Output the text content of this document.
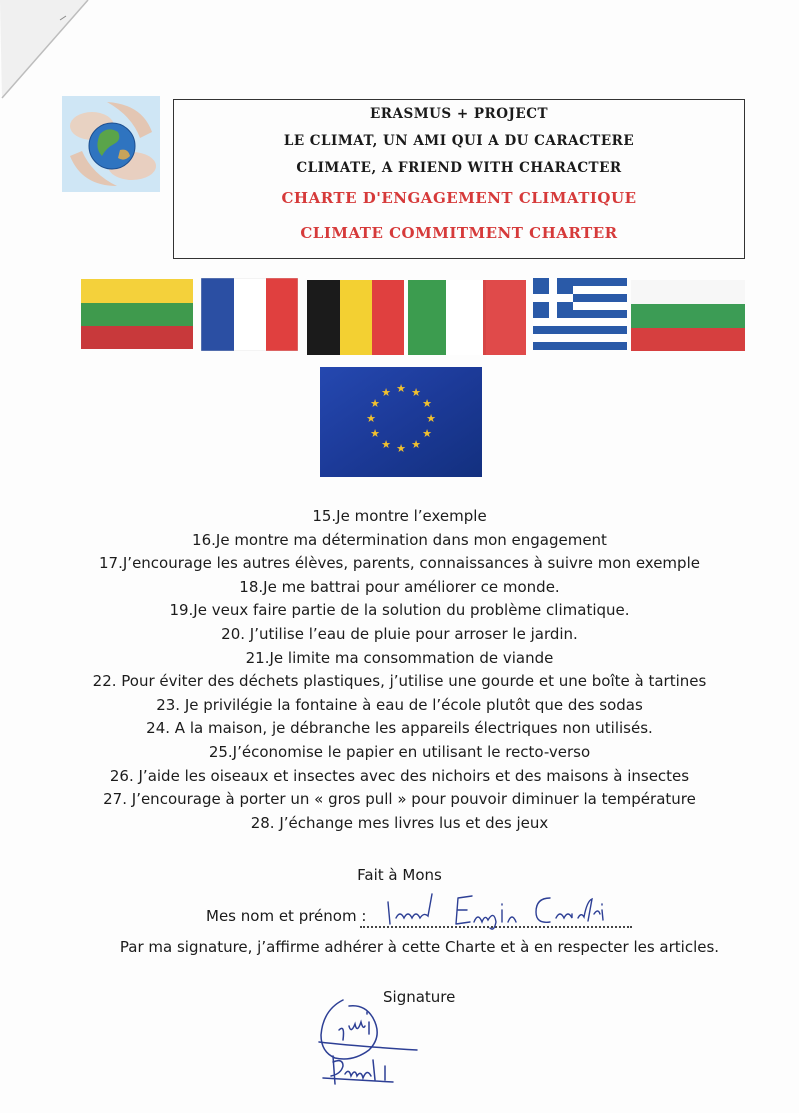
ERASMUS + PROJECT
LE CLIMAT, UN AMI QUI A DU CARACTERE
CLIMATE, A FRIEND WITH CHARACTER
CHARTE D'ENGAGEMENT CLIMATIQUE
CLIMATE COMMITMENT CHARTER
★ ★
★
★
★
★
★
★
★
★
★
★
15.Je montre l’exemple
16.Je montre ma détermination dans mon engagement
17.J’encourage les autres élèves, parents, connaissances à suivre mon exemple
18.Je me battrai pour améliorer ce monde.
19.Je veux faire partie de la solution du problème climatique.
20. J’utilise l’eau de pluie pour arroser le jardin.
21.Je limite ma consommation de viande
22. Pour éviter des déchets plastiques, j’utilise une gourde et une boîte à tartines
23. Je privilégie la fontaine à eau de l’école plutôt que des sodas
24. A la maison, je débranche les appareils électriques non utilisés.
25.J’économise le papier en utilisant le recto-verso
26. J’aide les oiseaux et insectes avec des nichoirs et des maisons à insectes
27. J’encourage à porter un « gros pull » pour pouvoir diminuer la température
28. J’échange mes livres lus et des jeux
Fait à Mons
Mes nom et prénom :
Par ma signature, j’affirme adhérer à cette Charte et à en respecter les articles.
Signature
